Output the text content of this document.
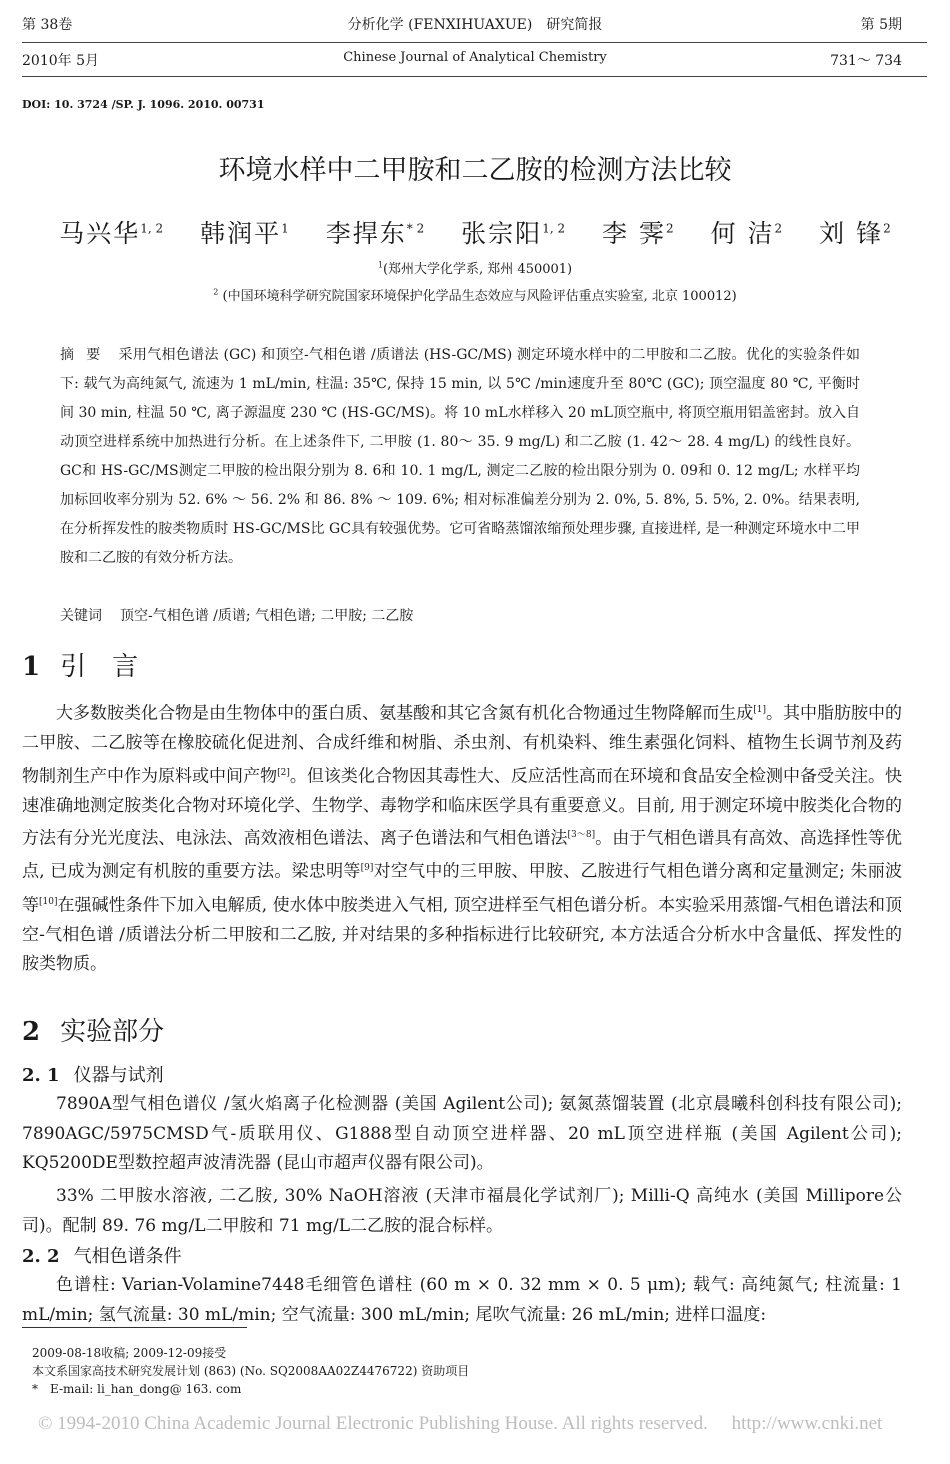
第 38卷	分析化学 (FENXIHUAXUE)　研究简报	第 5期
2010年 5月	Chinese Journal of Analytical Chemistry	731～ 734
DOI: 10. 3724 /SP. J. 1096. 2010. 00731
环境水样中二甲胺和二乙胺的检测方法比较
马兴华$^{1, 2}$　 韩润平$^1$　 李捍东$^{* 2}$　 张宗阳$^{1, 2}$　 李 霁$^2$　 何 洁$^2$　 刘 锋$^2$
$^1$(郑州大学化学系, 郑州 450001)
$^2$ (中国环境科学研究院国家环境保护化学品生态效应与风险评估重点实验室, 北京 100012)
摘要 采用气相色谱法 (GC) 和顶空-气相色谱 /质谱法 (HS-GC/MS) 测定环境水样中的二甲胺和二乙胺。优化的实验条件如下: 载气为高纯氮气, 流速为 1 mL/min, 柱温: 35℃, 保持 15 min, 以 5℃ /min速度升至 80℃ (GC); 顶空温度 80 ℃, 平衡时间 30 min, 柱温 50 ℃, 离子源温度 230 ℃ (HS-GC/MS)。将 10 mL水样移入 20 mL顶空瓶中, 将顶空瓶用铝盖密封。放入自动顶空进样系统中加热进行分析。在上述条件下, 二甲胺 (1. 80～ 35. 9 mg/L) 和二乙胺 (1. 42～ 28. 4 mg/L) 的线性良好。GC和 HS-GC/MS测定二甲胺的检出限分别为 8. 6和 10. 1 mg/L, 测定二乙胺的检出限分别为 0. 09和 0. 12 mg/L; 水样平均加标回收率分别为 52. 6% ～ 56. 2% 和 86. 8% ～ 109. 6%; 相对标准偏差分别为 2. 0%, 5. 8%, 5. 5%, 2. 0%。结果表明, 在分析挥发性的胺类物质时 HS-GC/MS比 GC具有较强优势。它可省略蒸馏浓缩预处理步骤, 直接进样, 是一种测定环境水中二甲胺和二乙胺的有效分析方法。
关键词 顶空-气相色谱 /质谱; 气相色谱; 二甲胺; 二乙胺
1 引　言

大多数胺类化合物是由生物体中的蛋白质、氨基酸和其它含氮有机化合物通过生物降解而生成[1]。其中脂肪胺中的二甲胺、二乙胺等在橡胶硫化促进剂、合成纤维和树脂、杀虫剂、有机染料、维生素强化饲料、植物生长调节剂及药物制剂生产中作为原料或中间产物[2]。但该类化合物因其毒性大、反应活性高而在环境和食品安全检测中备受关注。快速准确地测定胺类化合物对环境化学、生物学、毒物学和临床医学具有重要意义。目前, 用于测定环境中胺类化合物的方法有分光光度法、电泳法、高效液相色谱法、离子色谱法和气相色谱法[3～8]。由于气相色谱具有高效、高选择性等优点, 已成为测定有机胺的重要方法。梁忠明等[9]对空气中的三甲胺、甲胺、乙胺进行气相色谱分离和定量测定; 朱丽波等[10]在强碱性条件下加入电解质, 使水体中胺类进入气相, 顶空进样至气相色谱分析。本实验采用蒸馏-气相色谱法和顶空-气相色谱 /质谱法分析二甲胺和二乙胺, 并对结果的多种指标进行比较研究, 本方法适合分析水中含量低、挥发性的胺类物质。

2 实验部分
2. 1 仪器与试剂

7890A型气相色谱仪 /氢火焰离子化检测器 (美国 Agilent公司); 氨氮蒸馏装置 (北京晨曦科创科技有限公司); 7890AGC/5975CMSD气-质联用仪、G1888型自动顶空进样器、20 mL顶空进样瓶 (美国 Agilent公司); KQ5200DE型数控超声波清洗器 (昆山市超声仪器有限公司)。

33% 二甲胺水溶液, 二乙胺, 30% NaOH溶液 (天津市福晨化学试剂厂); Milli-Q 高纯水 (美国 Millipore公司)。配制 89. 76 mg/L二甲胺和 71 mg/L二乙胺的混合标样。

2. 2 气相色谱条件

色谱柱: Varian-Volamine7448毛细管色谱柱 (60 m × 0. 32 mm × 0. 5 μm); 载气: 高纯氮气; 柱流量: 1 mL/min; 氢气流量: 30 mL/min; 空气流量: 300 mL/min; 尾吹气流量: 26 mL/min; 进样口温度:

2009-08-18收稿; 2009-12-09接受
本文系国家高技术研究发展计划 (863) (No. SQ2008AA02Z4476722) 资助项目
*　E-mail: li_han_dong@ 163. com
© 1994-2010 China Academic Journal Electronic Publishing House. All rights reserved.　 http://www.cnki.net
